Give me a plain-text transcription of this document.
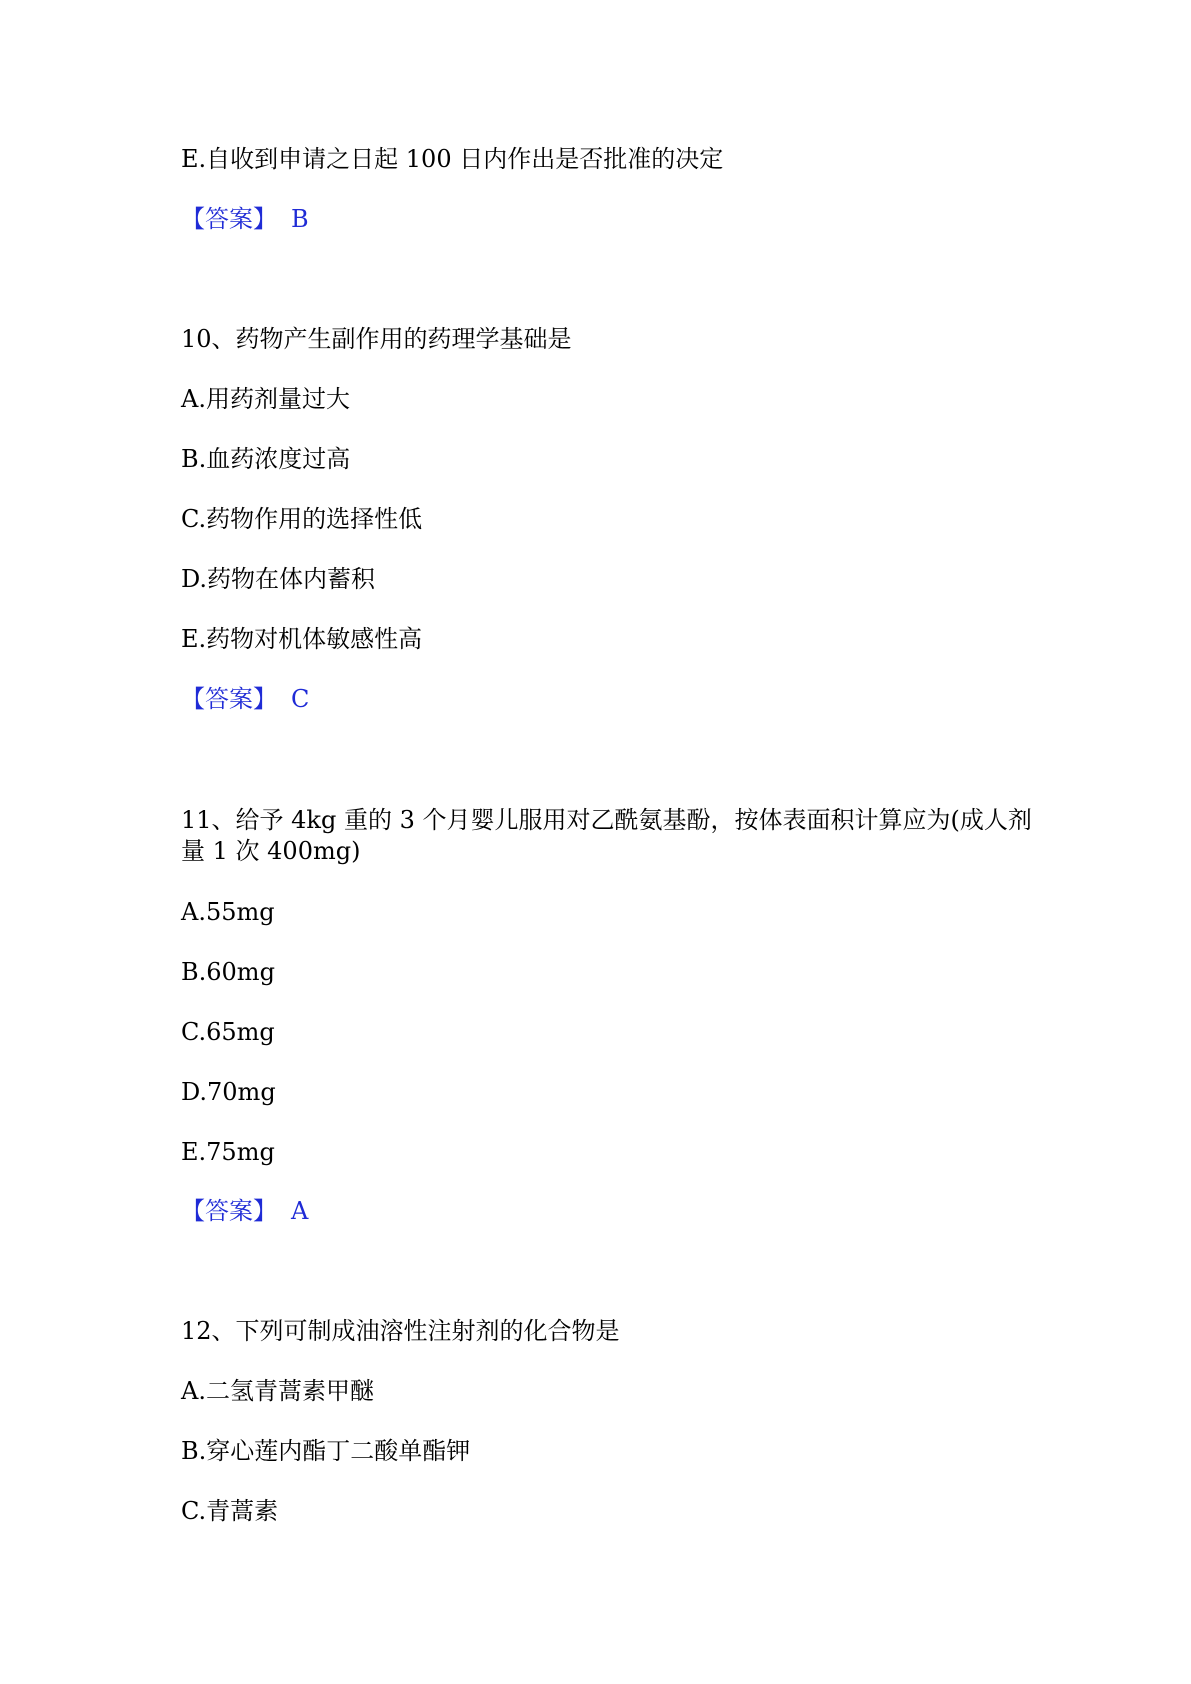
E.自收到申请之日起 100 日内作出是否批准的决定
【答案】 B
10、药物产生副作用的药理学基础是
A.用药剂量过大
B.血药浓度过高
C.药物作用的选择性低
D.药物在体内蓄积
E.药物对机体敏感性高
【答案】 C
11、给予 4kg 重的 3 个月婴儿服用对乙酰氨基酚，按体表面积计算应为(成人剂
量 1 次 400mg)
A.55mg
B.60mg
C.65mg
D.70mg
E.75mg
【答案】 A
12、下列可制成油溶性注射剂的化合物是
A.二氢青蒿素甲醚
B.穿心莲内酯丁二酸单酯钾
C.青蒿素
